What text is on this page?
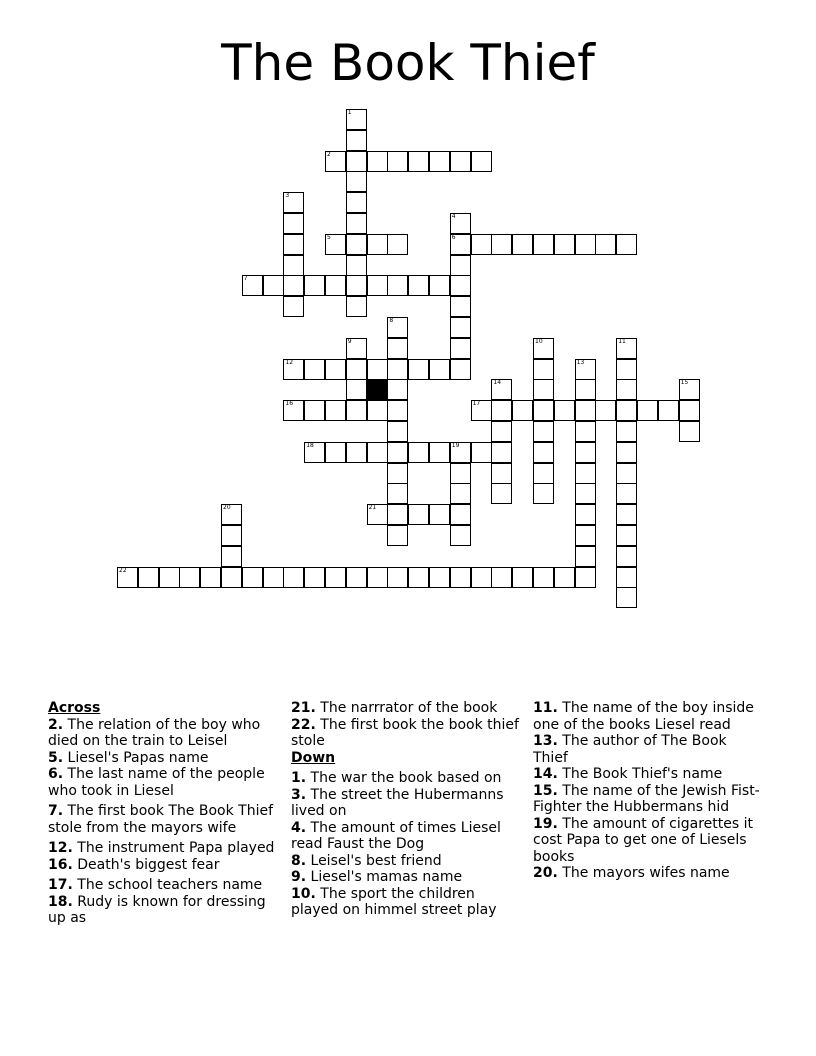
The Book Thief
1
2
3
4
6
5
7
8
9	10	11
12	13
14	15
16	17
18	19
20	21
22
Across
2. The relation of the boy who died on the train to Leisel
5. Liesel's Papas name
6. The last name of the people who took in Liesel
7. The first book The Book Thief stole from the mayors wife
12. The instrument Papa played
16. Death's biggest fear
17. The school teachers name
18. Rudy is known for dressing up as
21. The narrrator of the book
22. The first book the book thief stole
Down
1. The war the book based on
3. The street the Hubermanns lived on
4. The amount of times Liesel read Faust the Dog
8. Leisel's best friend
9. Liesel's mamas name
10. The sport the children played on himmel street play
11. The name of the boy inside one of the books Liesel read
13. The author of The Book Thief
14. The Book Thief's name
15. The name of the Jewish Fist-Fighter the Hubbermans hid
19. The amount of cigarettes it cost Papa to get one of Liesels books
20. The mayors wifes name
